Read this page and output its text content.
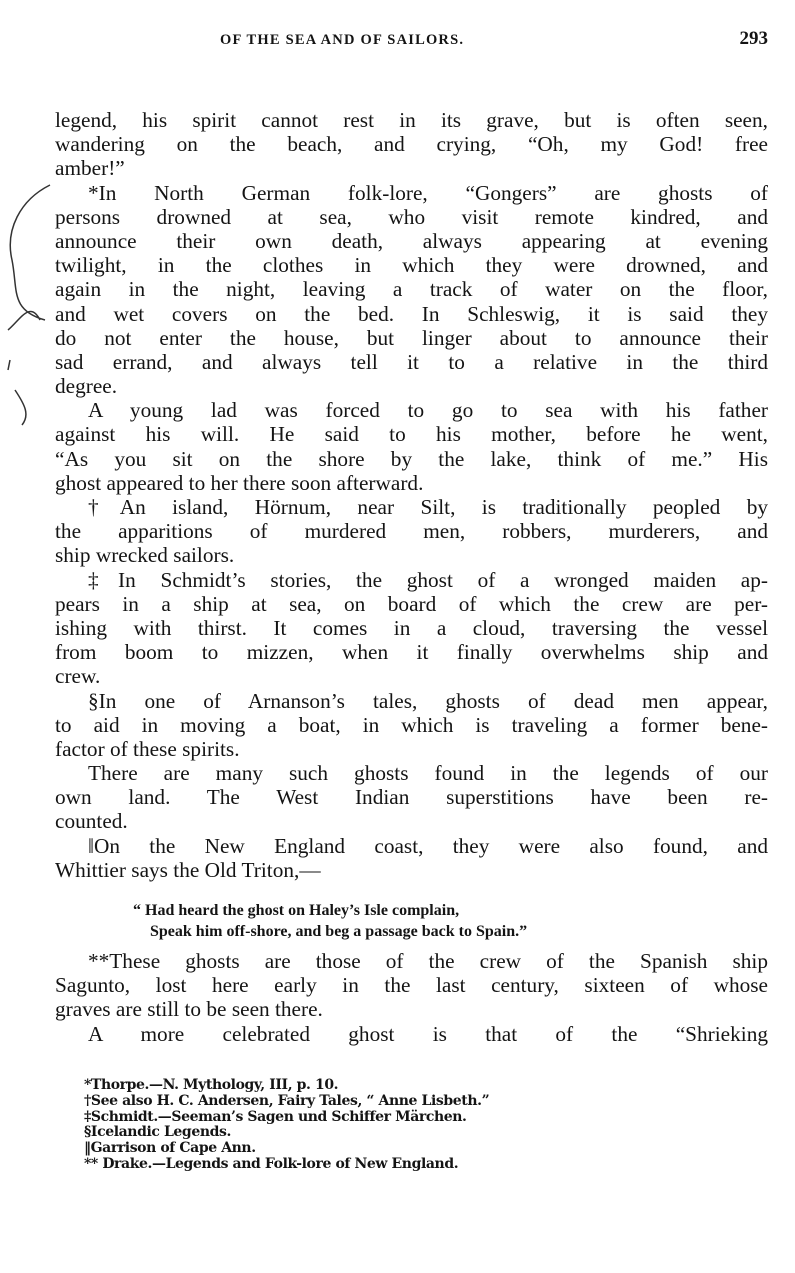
OF THE SEA AND OF SAILORS.	293
legend, his spirit cannot rest in its grave, but is often seen,
wandering on the beach, and crying, “Oh, my God! free
amber!”
*In North German folk-lore, “Gongers” are ghosts of
persons drowned at sea, who visit remote kindred, and
announce their own death, always appearing at evening
twilight, in the clothes in which they were drowned, and
again in the night, leaving a track of water on the floor,
and wet covers on the bed. In Schleswig, it is said they
do not enter the house, but linger about to announce their
sad errand, and always tell it to a relative in the third
degree.
A young lad was forced to go to sea with his father
against his will. He said to his mother, before he went,
“As you sit on the shore by the lake, think of me.” His
ghost appeared to her there soon afterward.
†An island, Hörnum, near Silt, is traditionally peopled by
the apparitions of murdered men, robbers, murderers, and
ship wrecked sailors.
‡In Schmidt’s stories, the ghost of a wronged maiden ap-
pears in a ship at sea, on board of which the crew are per-
ishing with thirst. It comes in a cloud, traversing the vessel
from boom to mizzen, when it finally overwhelms ship and
crew.
§In one of Arnanson’s tales, ghosts of dead men appear,
to aid in moving a boat, in which is traveling a former bene-
factor of these spirits.
There are many such ghosts found in the legends of our
own land. The West Indian superstitions have been re-
counted.
‖On the New England coast, they were also found, and
Whittier says the Old Triton,—
“ Had heard the ghost on Haley’s Isle complain,
Speak him off-shore, and beg a passage back to Spain.”
**These ghosts are those of the crew of the Spanish ship
Sagunto, lost here early in the last century, sixteen of whose
graves are still to be seen there.
A more celebrated ghost is that of the “Shrieking
*Thorpe.—N. Mythology, III, p. 10.
†See also H. C. Andersen, Fairy Tales, “ Anne Lisbeth.”
‡Schmidt.—Seeman’s Sagen und Schiffer Märchen.
§Icelandic Legends.
‖Garrison of Cape Ann.
** Drake.—Legends and Folk-lore of New England.
